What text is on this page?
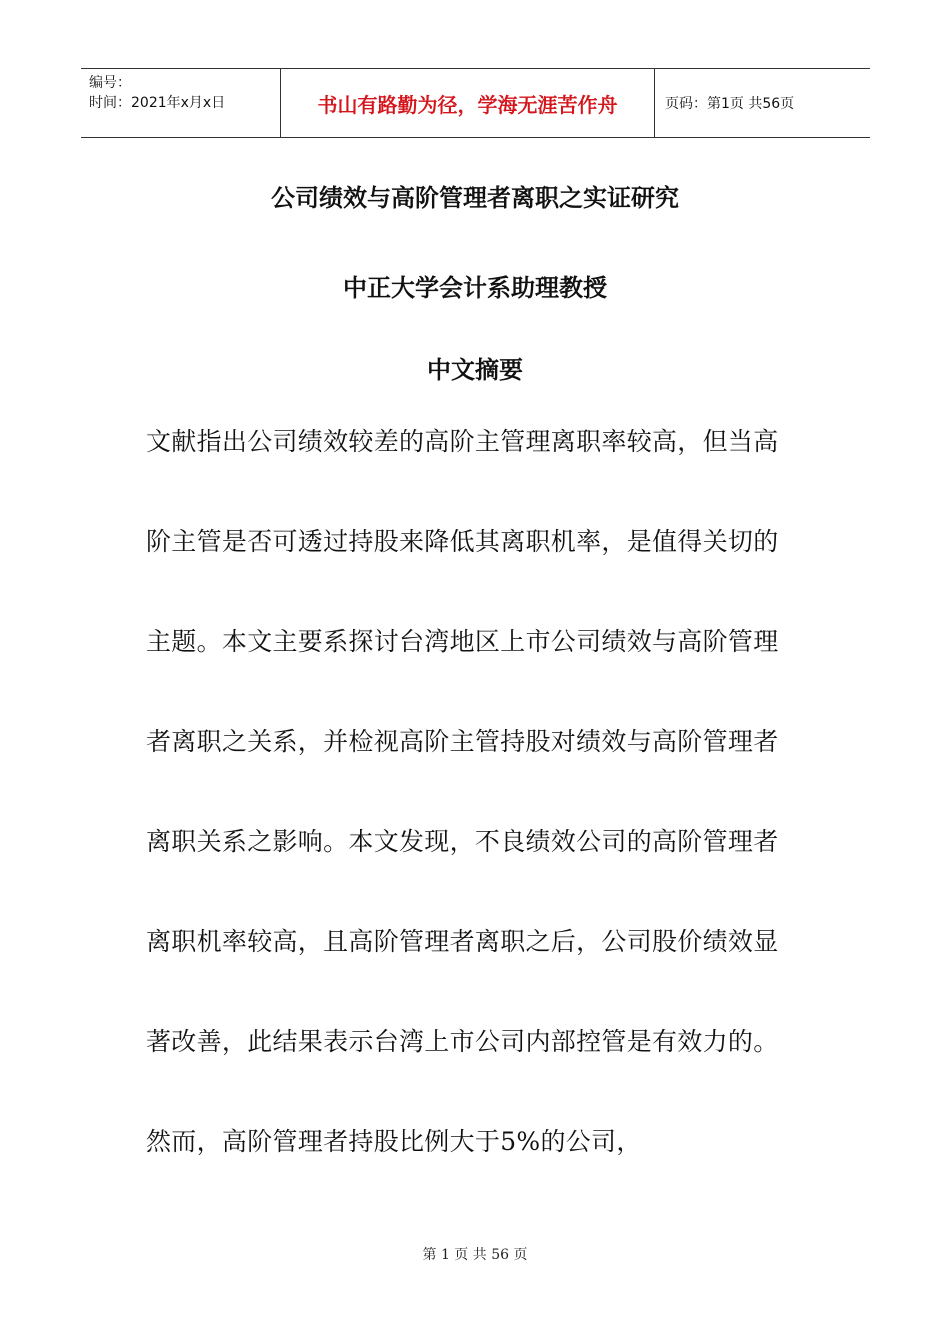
编号：
时间：2021年x月x日	书山有路勤为径，学海无涯苦作舟	页码：第1页 共56页
公司绩效与高阶管理者离职之实证研究
中正大学会计系助理教授
中文摘要
文献指出公司绩效较差的高阶主管理离职率较高，但当高
阶主管是否可透过持股来降低其离职机率，是值得关切的
主题。本文主要系探讨台湾地区上市公司绩效与高阶管理
者离职之关系，并检视高阶主管持股对绩效与高阶管理者
离职关系之影响。本文发现，不良绩效公司的高阶管理者
离职机率较高，且高阶管理者离职之后，公司股价绩效显
著改善，此结果表示台湾上市公司内部控管是有效力的。
然而，高阶管理者持股比例大于5%的公司，
第 1 页 共 56 页
